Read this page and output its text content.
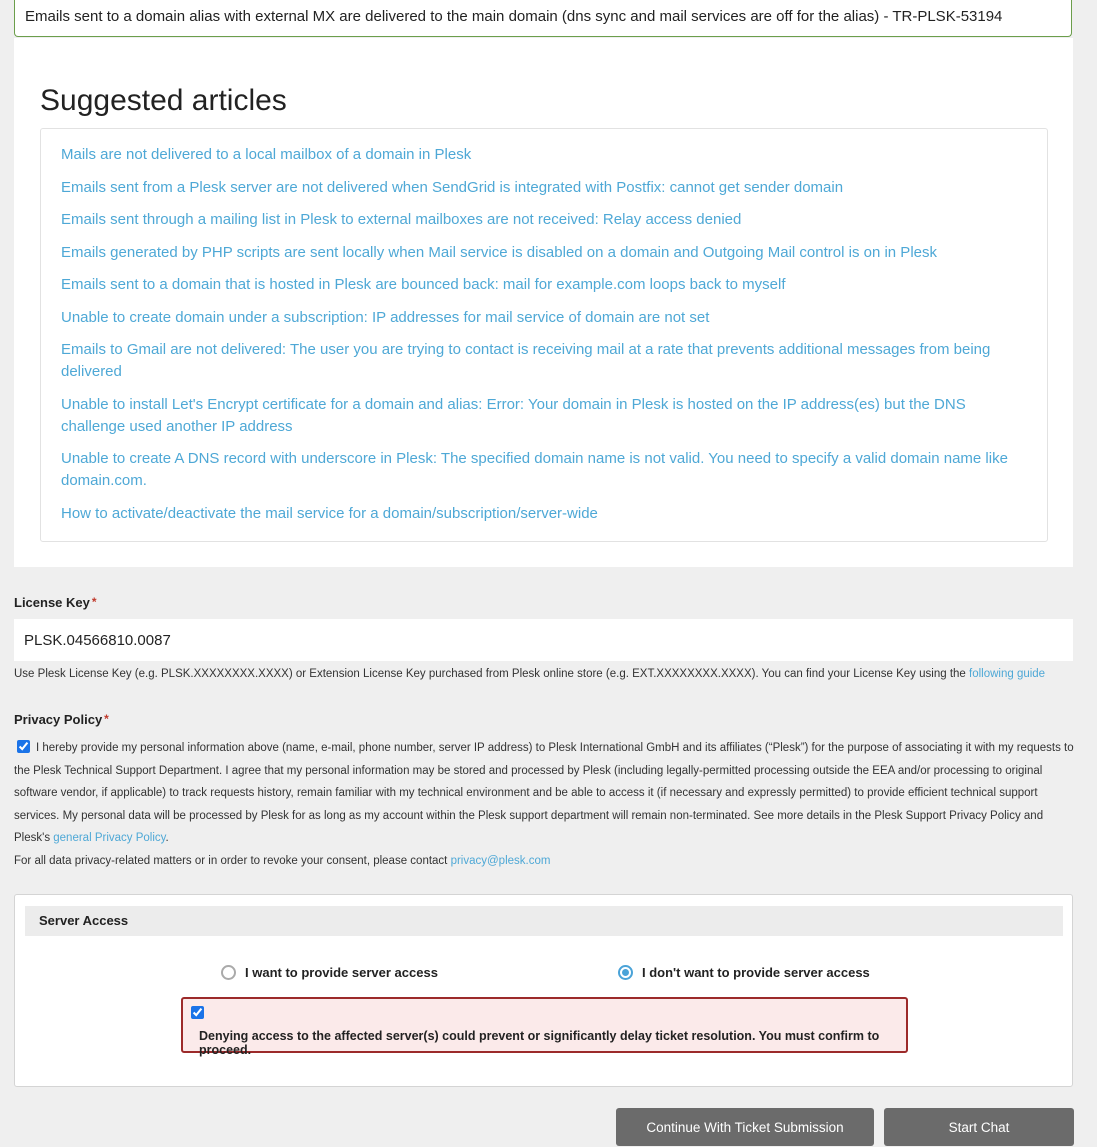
Emails sent to a domain alias with external MX are delivered to the main domain (dns sync and mail services are off for the alias) - TR-PLSK-53194
Suggested articles
Mails are not delivered to a local mailbox of a domain in Plesk
Emails sent from a Plesk server are not delivered when SendGrid is integrated with Postfix: cannot get sender domain
Emails sent through a mailing list in Plesk to external mailboxes are not received: Relay access denied
Emails generated by PHP scripts are sent locally when Mail service is disabled on a domain and Outgoing Mail control is on in Plesk
Emails sent to a domain that is hosted in Plesk are bounced back: mail for example.com loops back to myself
Unable to create domain under a subscription: IP addresses for mail service of domain are not set
Emails to Gmail are not delivered: The user you are trying to contact is receiving mail at a rate that prevents additional messages from being delivered
Unable to install Let's Encrypt certificate for a domain and alias: Error: Your domain in Plesk is hosted on the IP address(es) but the DNS challenge used another IP address
Unable to create A DNS record with underscore in Plesk: The specified domain name is not valid. You need to specify a valid domain name like domain.com.
How to activate/deactivate the mail service for a domain/subscription/server-wide
License Key *
PLSK.04566810.0087
Use Plesk License Key (e.g. PLSK.XXXXXXXX.XXXX) or Extension License Key purchased from Plesk online store (e.g. EXT.XXXXXXXX.XXXX). You can find your License Key using the following guide
Privacy Policy *
I hereby provide my personal information above (name, e-mail, phone number, server IP address) to Plesk International GmbH and its affiliates (“Plesk”) for the purpose of associating it with my requests to the Plesk Technical Support Department. I agree that my personal information may be stored and processed by Plesk (including legally-permitted processing outside the EEA and/or processing to original software vendor, if applicable) to track requests history, remain familiar with my technical environment and be able to access it (if necessary and expressly permitted) to provide efficient technical support services. My personal data will be processed by Plesk for as long as my account within the Plesk support department will remain non-terminated. See more details in the Plesk Support Privacy Policy and Plesk's general Privacy Policy.
For all data privacy-related matters or in order to revoke your consent, please contact privacy@plesk.com
Server Access
I want to provide server access	I don't want to provide server access
Denying access to the affected server(s) could prevent or significantly delay ticket resolution. You must confirm to proceed.
Continue With Ticket Submission	Start Chat
